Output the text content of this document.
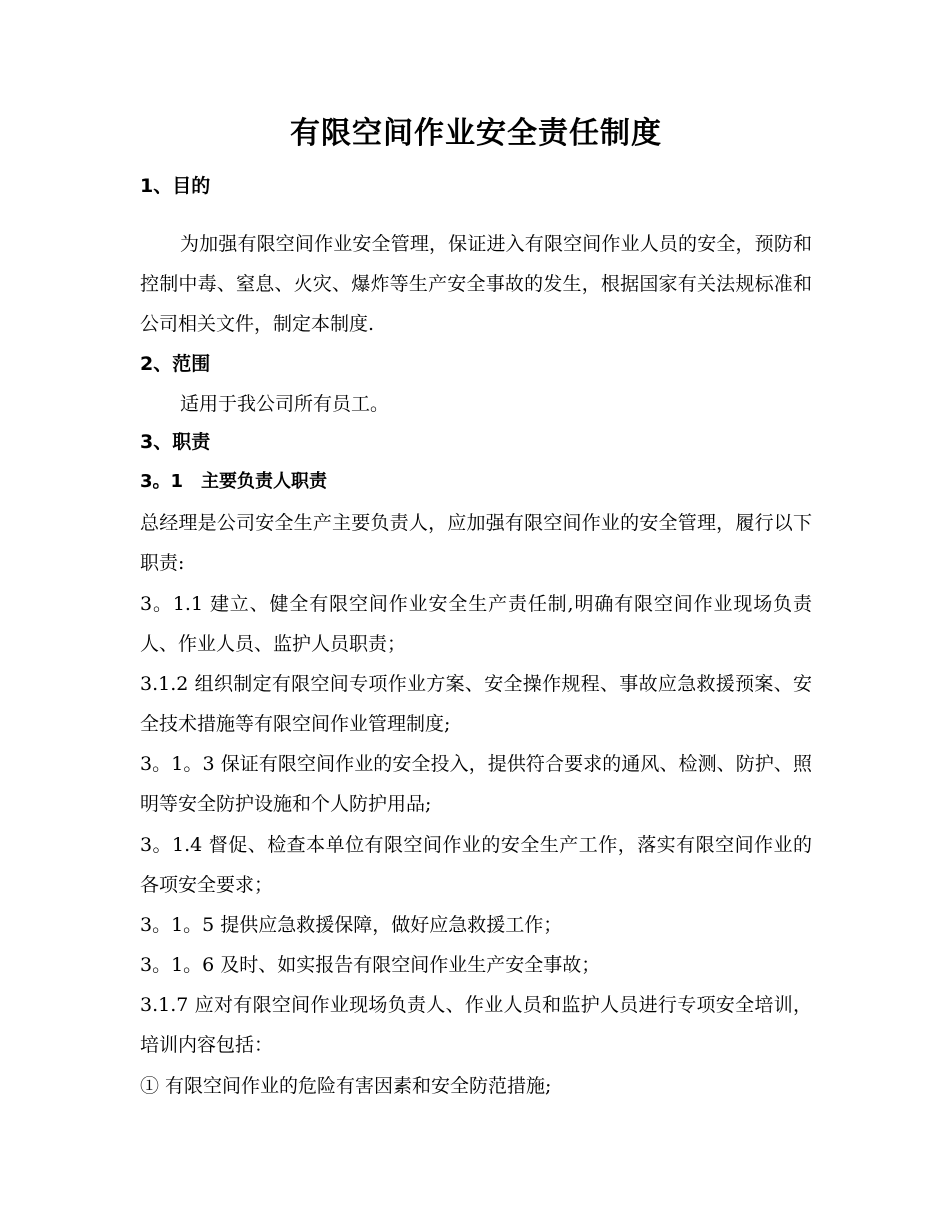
有限空间作业安全责任制度
1、目的

为加强有限空间作业安全管理，保证进入有限空间作业人员的安全，预防和控制中毒、窒息、火灾、爆炸等生产安全事故的发生，根据国家有关法规标准和公司相关文件，制定本制度.

2、范围

适用于我公司所有员工。

3、职责
3。1　主要负责人职责

总经理是公司安全生产主要负责人，应加强有限空间作业的安全管理，履行以下职责:

3。1.1 建立、健全有限空间作业安全生产责任制,明确有限空间作业现场负责人、作业人员、监护人员职责；

3.1.2 组织制定有限空间专项作业方案、安全操作规程、事故应急救援预案、安全技术措施等有限空间作业管理制度;

3。1。3 保证有限空间作业的安全投入，提供符合要求的通风、检测、防护、照明等安全防护设施和个人防护用品;

3。1.4 督促、检查本单位有限空间作业的安全生产工作，落实有限空间作业的各项安全要求；

3。1。5 提供应急救援保障，做好应急救援工作；

3。1。6 及时、如实报告有限空间作业生产安全事故；

3.1.7 应对有限空间作业现场负责人、作业人员和监护人员进行专项安全培训，培训内容包括：

① 有限空间作业的危险有害因素和安全防范措施;
